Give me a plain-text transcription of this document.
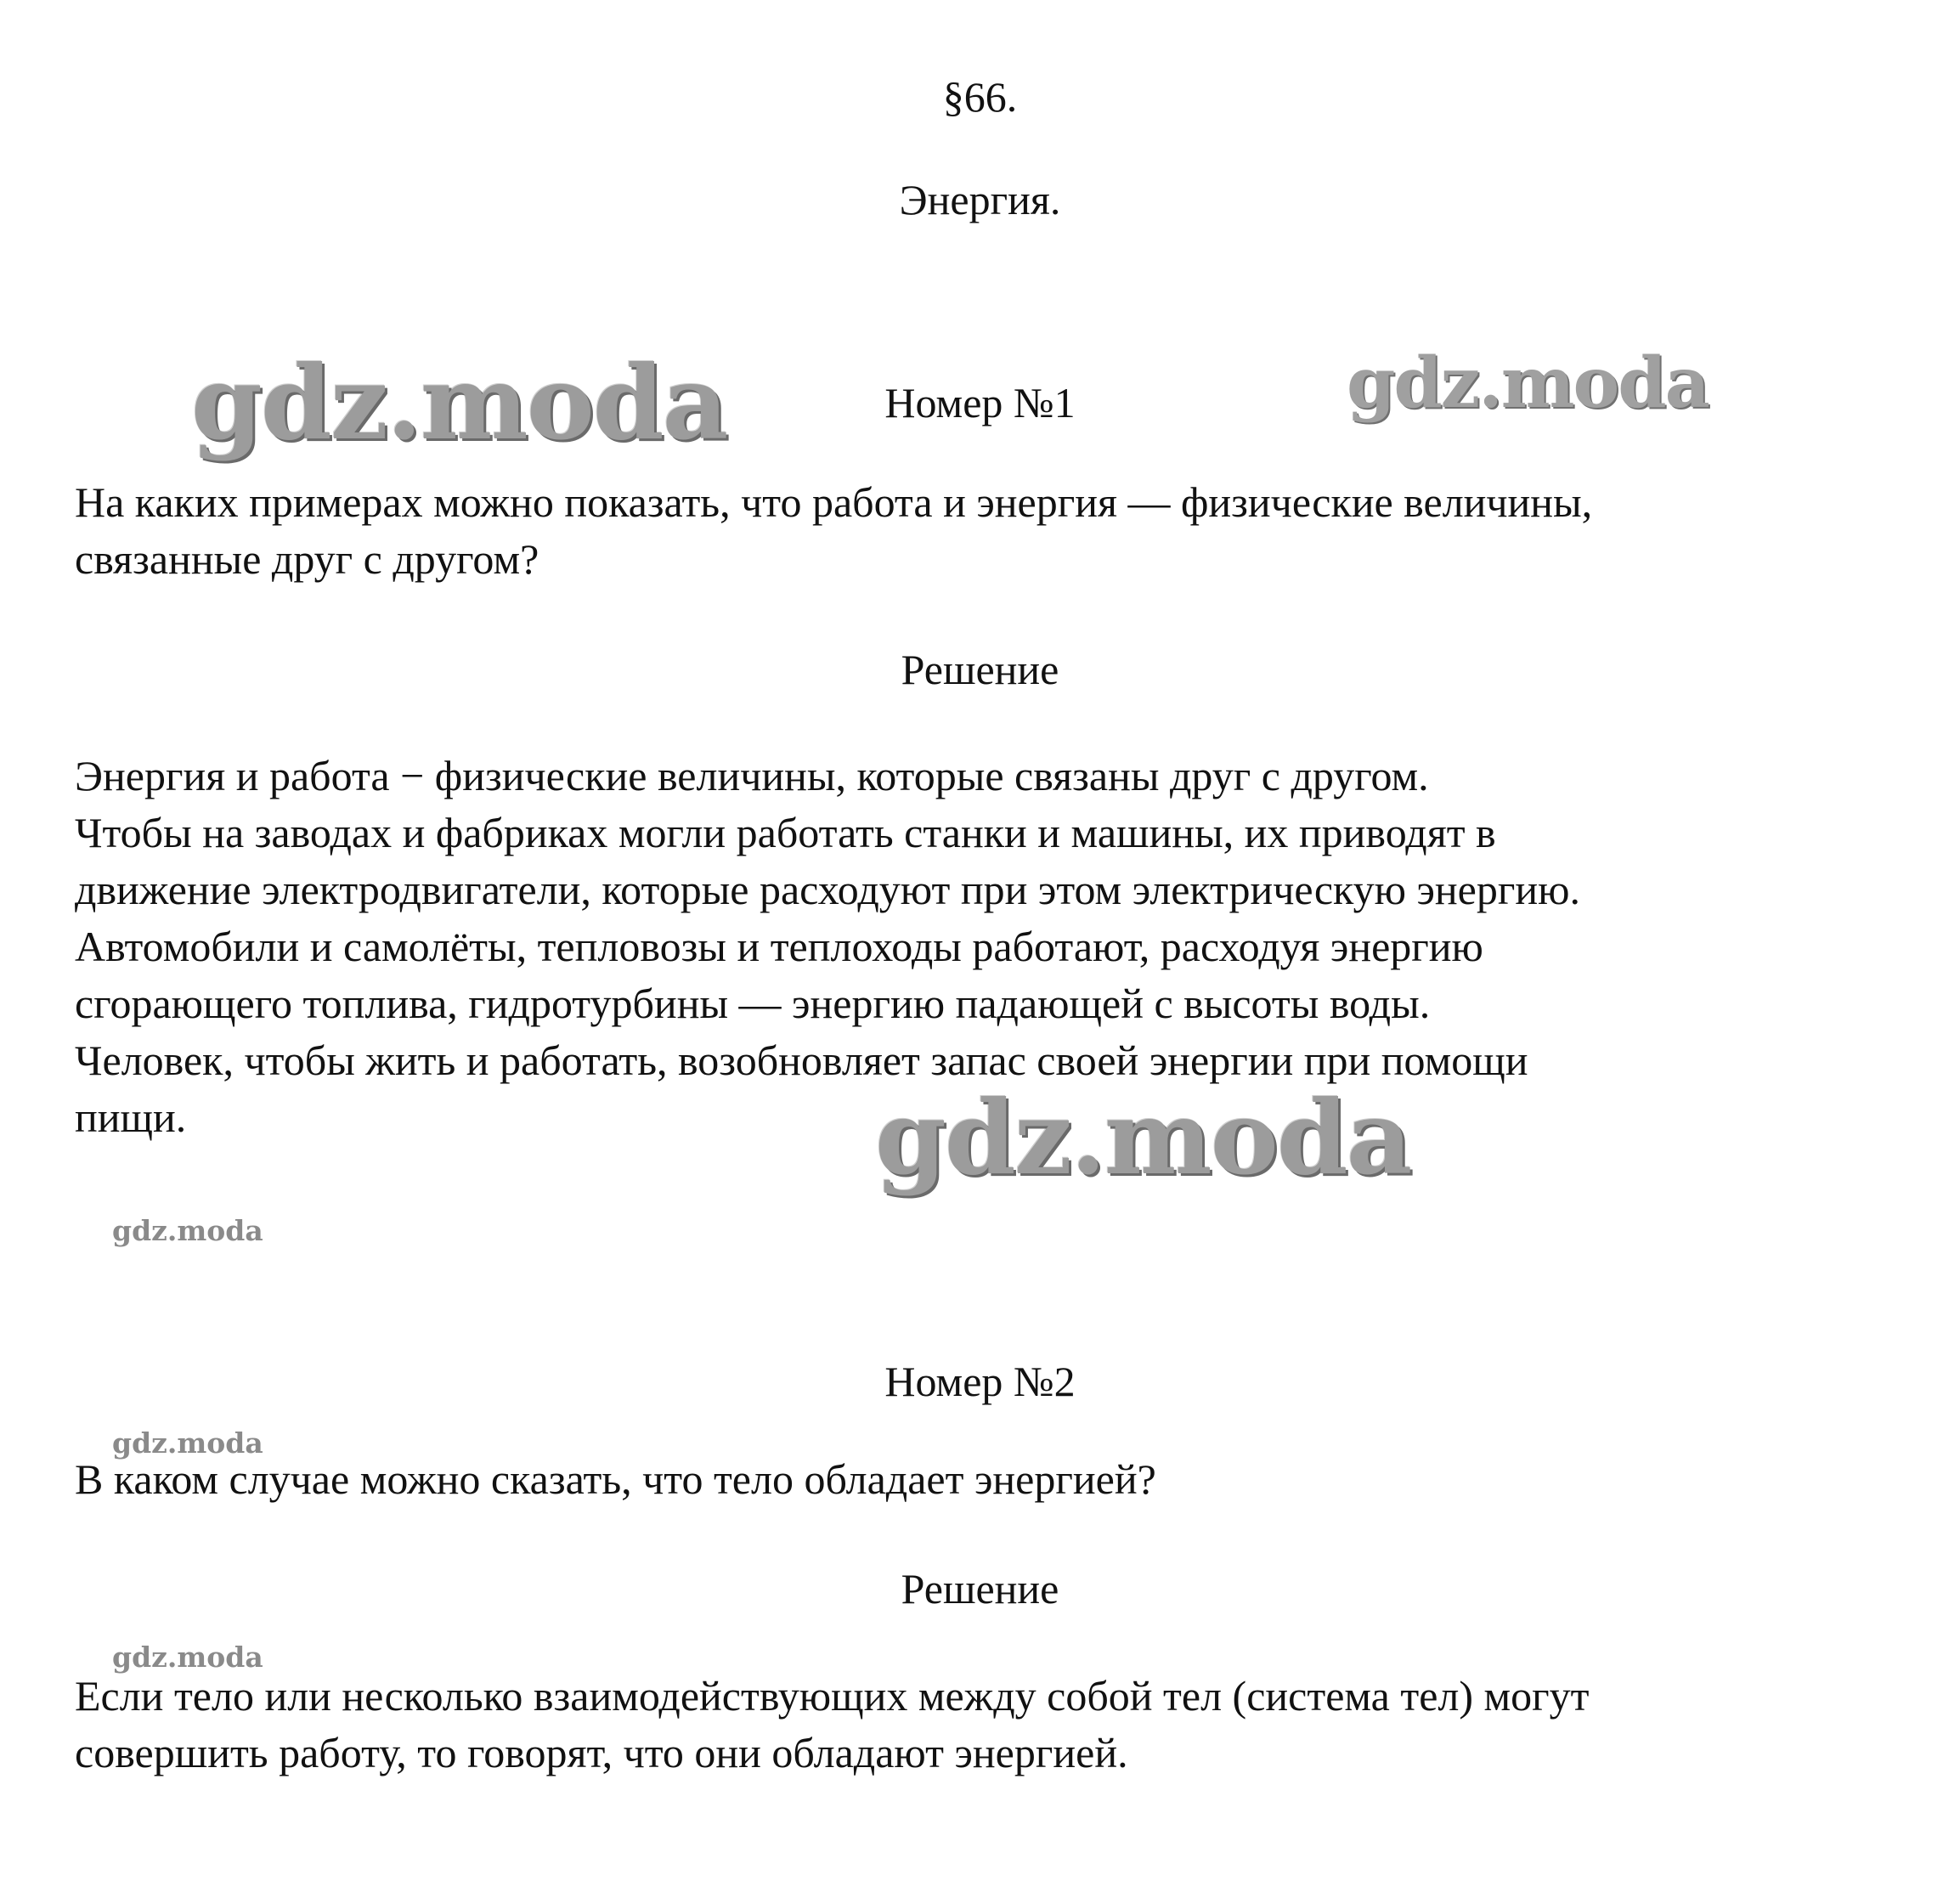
§66.
Энергия.
Номер №1
На каких примерах можно показать, что работа и энергия — физические величины,
связанные друг с другом?
Решение
Энергия и работа − физические величины, которые связаны друг с другом.
Чтобы на заводах и фабриках могли работать станки и машины, их приводят в
движение электродвигатели, которые расходуют при этом электрическую энергию.
Автомобили и самолёты, тепловозы и теплоходы работают, расходуя энергию
сгорающего топлива, гидротурбины — энергию падающей с высоты воды.
Человек, чтобы жить и работать, возобновляет запас своей энергии при помощи
пищи.
Номер №2
В каком случае можно сказать, что тело обладает энергией?
Решение
Если тело или несколько взаимодействующих между собой тел (система тел) могут
совершить работу, то говорят, что они обладают энергией.
gdz.moda	gdz.moda
gdz.moda
gdz.moda
gdz.moda
gdz.moda
